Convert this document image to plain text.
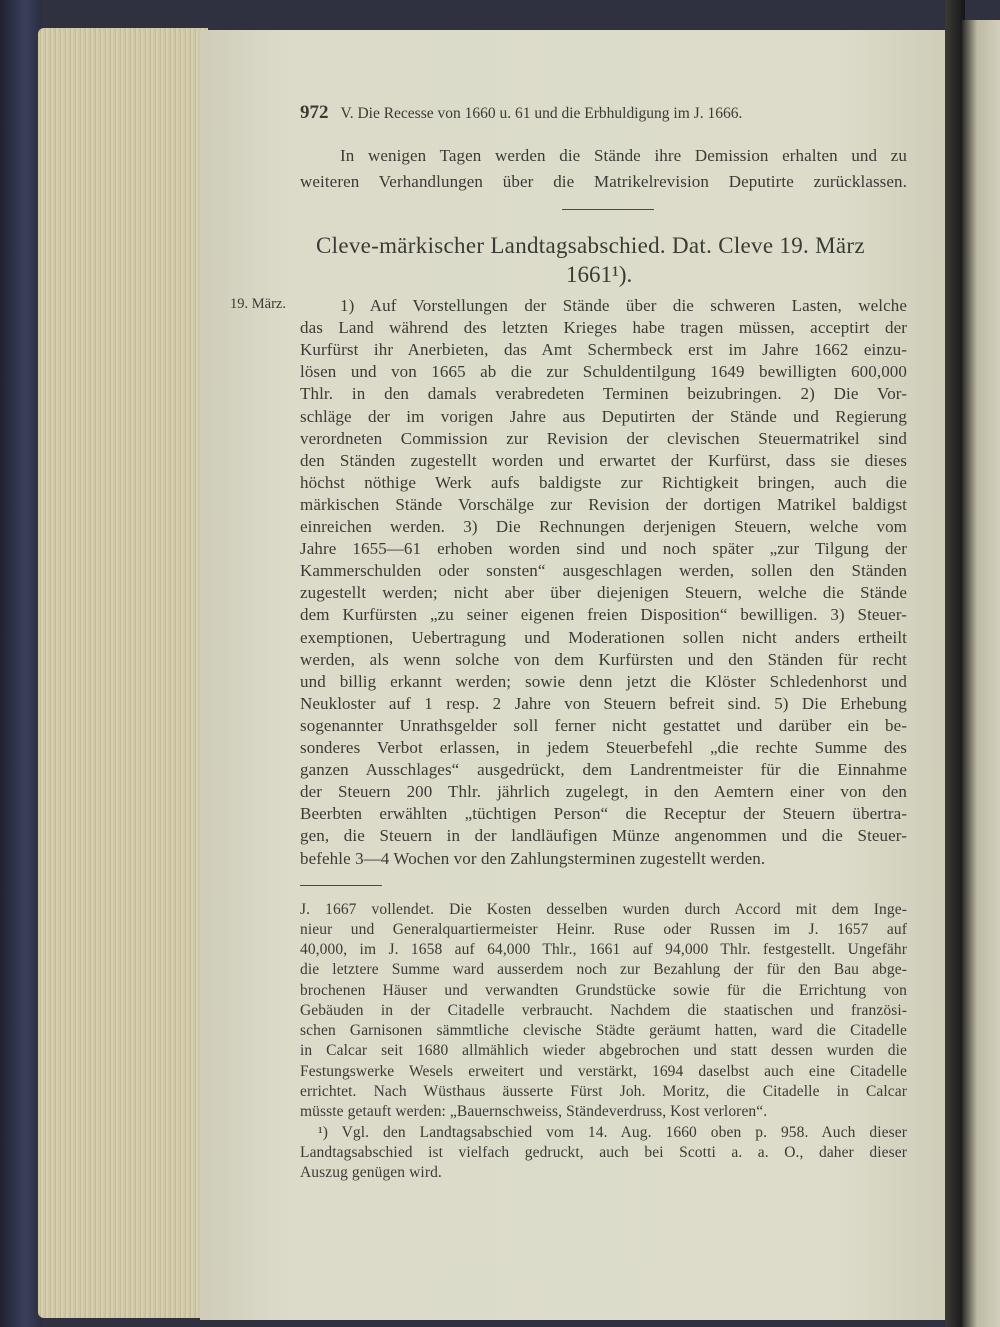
972 V. Die Recesse von 1660 u. 61 und die Erbhuldigung im J. 1666.
In wenigen Tagen werden die Stände ihre Demission erhalten und zu
weiteren Verhandlungen über die Matrikelrevision Deputirte zurücklassen.
Cleve-märkischer Landtagsabschied. Dat. Cleve 19. März
1661¹).
19. März.	1) Auf Vorstellungen der Stände über die schweren Lasten, welche
das Land während des letzten Krieges habe tragen müssen, acceptirt der
Kurfürst ihr Anerbieten, das Amt Schermbeck erst im Jahre 1662 einzu-
lösen und von 1665 ab die zur Schuldentilgung 1649 bewilligten 600,000
Thlr. in den damals verabredeten Terminen beizubringen. 2) Die Vor-
schläge der im vorigen Jahre aus Deputirten der Stände und Regierung
verordneten Commission zur Revision der clevischen Steuermatrikel sind
den Ständen zugestellt worden und erwartet der Kurfürst, dass sie dieses
höchst nöthige Werk aufs baldigste zur Richtigkeit bringen, auch die
märkischen Stände Vorschälge zur Revision der dortigen Matrikel baldigst
einreichen werden. 3) Die Rechnungen derjenigen Steuern, welche vom
Jahre 1655—61 erhoben worden sind und noch später „zur Tilgung der
Kammerschulden oder sonsten“ ausgeschlagen werden, sollen den Ständen
zugestellt werden; nicht aber über diejenigen Steuern, welche die Stände
dem Kurfürsten „zu seiner eigenen freien Disposition“ bewilligen. 3) Steuer-
exemptionen, Uebertragung und Moderationen sollen nicht anders ertheilt
werden, als wenn solche von dem Kurfürsten und den Ständen für recht
und billig erkannt werden; sowie denn jetzt die Klöster Schledenhorst und
Neukloster auf 1 resp. 2 Jahre von Steuern befreit sind. 5) Die Erhebung
sogenannter Unrathsgelder soll ferner nicht gestattet und darüber ein be-
sonderes Verbot erlassen, in jedem Steuerbefehl „die rechte Summe des
ganzen Ausschlages“ ausgedrückt, dem Landrentmeister für die Einnahme
der Steuern 200 Thlr. jährlich zugelegt, in den Aemtern einer von den
Beerbten erwählten „tüchtigen Person“ die Receptur der Steuern übertra-
gen, die Steuern in der landläufigen Münze angenommen und die Steuer-
befehle 3—4 Wochen vor den Zahlungsterminen zugestellt werden.
J. 1667 vollendet. Die Kosten desselben wurden durch Accord mit dem Inge-
nieur und Generalquartiermeister Heinr. Ruse oder Russen im J. 1657 auf
40,000, im J. 1658 auf 64,000 Thlr., 1661 auf 94,000 Thlr. festgestellt. Ungefähr
die letztere Summe ward ausserdem noch zur Bezahlung der für den Bau abge-
brochenen Häuser und verwandten Grundstücke sowie für die Errichtung von
Gebäuden in der Citadelle verbraucht. Nachdem die staatischen und französi-
schen Garnisonen sämmtliche clevische Städte geräumt hatten, ward die Citadelle
in Calcar seit 1680 allmählich wieder abgebrochen und statt dessen wurden die
Festungswerke Wesels erweitert und verstärkt, 1694 daselbst auch eine Citadelle
errichtet. Nach Wüsthaus äusserte Fürst Joh. Moritz, die Citadelle in Calcar
müsste getauft werden: „Bauernschweiss, Ständeverdruss, Kost verloren“.
¹) Vgl. den Landtagsabschied vom 14. Aug. 1660 oben p. 958. Auch dieser
Landtagsabschied ist vielfach gedruckt, auch bei Scotti a. a. O., daher dieser
Auszug genügen wird.
